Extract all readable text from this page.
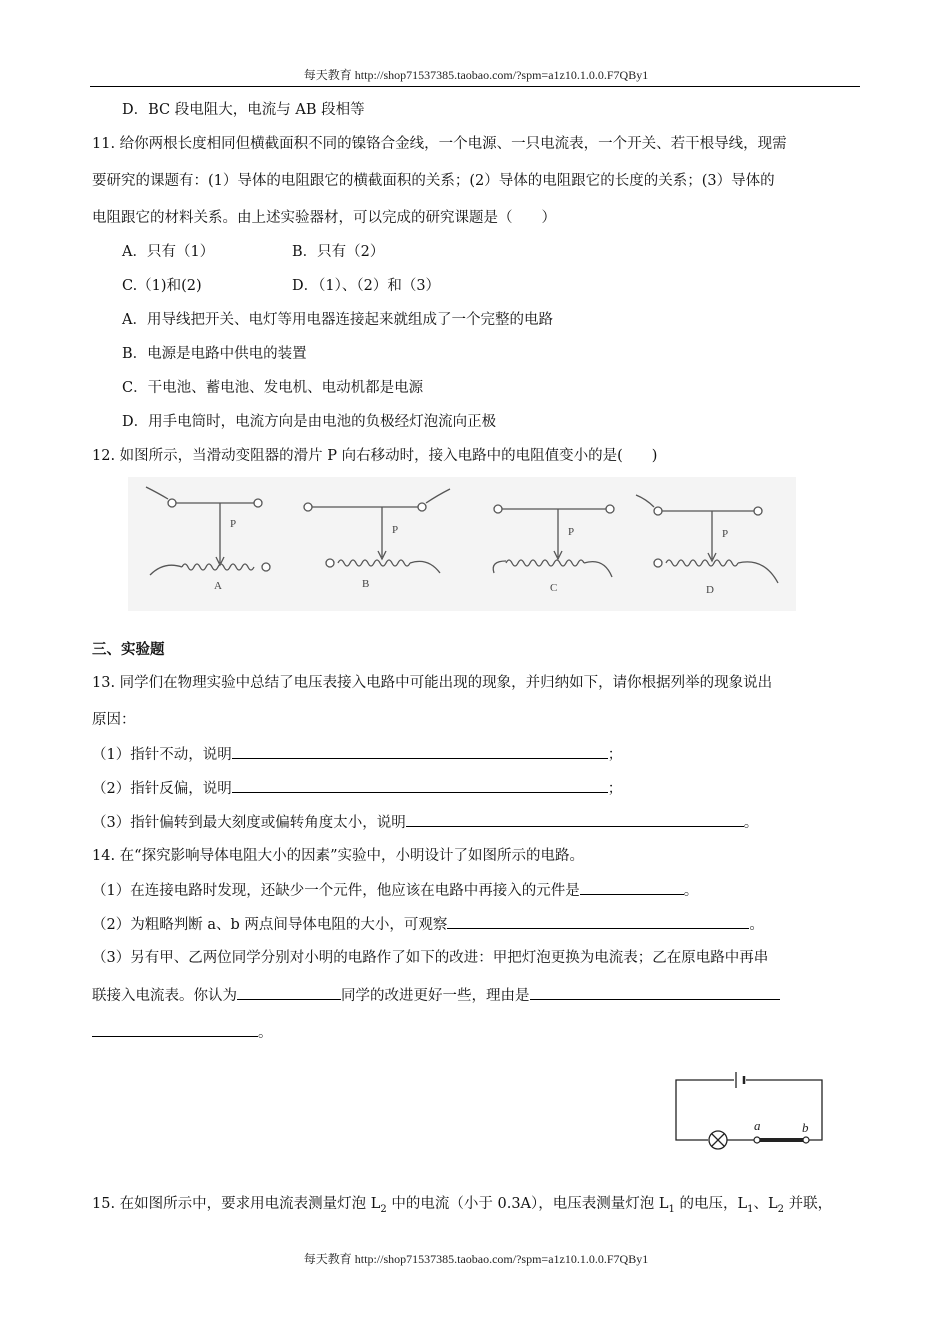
每天教育 http://shop71537385.taobao.com/?spm=a1z10.1.0.0.F7QBy1
D．BC 段电阻大，电流与 AB 段相等
11. 给你两根长度相同但横截面积不同的镍铬合金线，一个电源、一只电流表，一个开关、若干根导线，现需
要研究的课题有：(1）导体的电阻跟它的横截面积的关系；(2）导体的电阻跟它的长度的关系；(3）导体的
电阻跟它的材料关系。由上述实验器材，可以完成的研究课题是（　　）
A．只有（1）	B．只有（2）
C.（1)和(2)	D．（1）、（2）和（3）
A．用导线把开关、电灯等用电器连接起来就组成了一个完整的电路
B．电源是电路中供电的装置
C．干电池、蓄电池、发电机、电动机都是电源
D．用手电筒时，电流方向是由电池的负极经灯泡流向正极
12. 如图所示，当滑动变阻器的滑片 P 向右移动时，接入电路中的电阻值变小的是(　　)
P	P	P	P
A	B	C	D
三、实验题
13. 同学们在物理实验中总结了电压表接入电路中可能出现的现象，并归纳如下，请你根据列举的现象说出
原因：
（1）指针不动，说明	；
（2）指针反偏，说明	；
（3）指针偏转到最大刻度或偏转角度太小，说明	。
14. 在“探究影响导体电阻大小的因素”实验中，小明设计了如图所示的电路。
（1）在连接电路时发现，还缺少一个元件，他应该在电路中再接入的元件是	。
（2）为粗略判断 a、b 两点间导体电阻的大小，可观察	。
（3）另有甲、乙两位同学分别对小明的电路作了如下的改进：甲把灯泡更换为电流表；乙在原电路中再串
联接入电流表。你认为	同学的改进更好一些，理由是
。
a	b
15. 在如图所示中，要求用电流表测量灯泡 $L_2$ 中的电流（小于 0.3A），电压表测量灯泡 $L_1$ 的电压，$L_1$、$L_2$ 并联，
每天教育 http://shop71537385.taobao.com/?spm=a1z10.1.0.0.F7QBy1
